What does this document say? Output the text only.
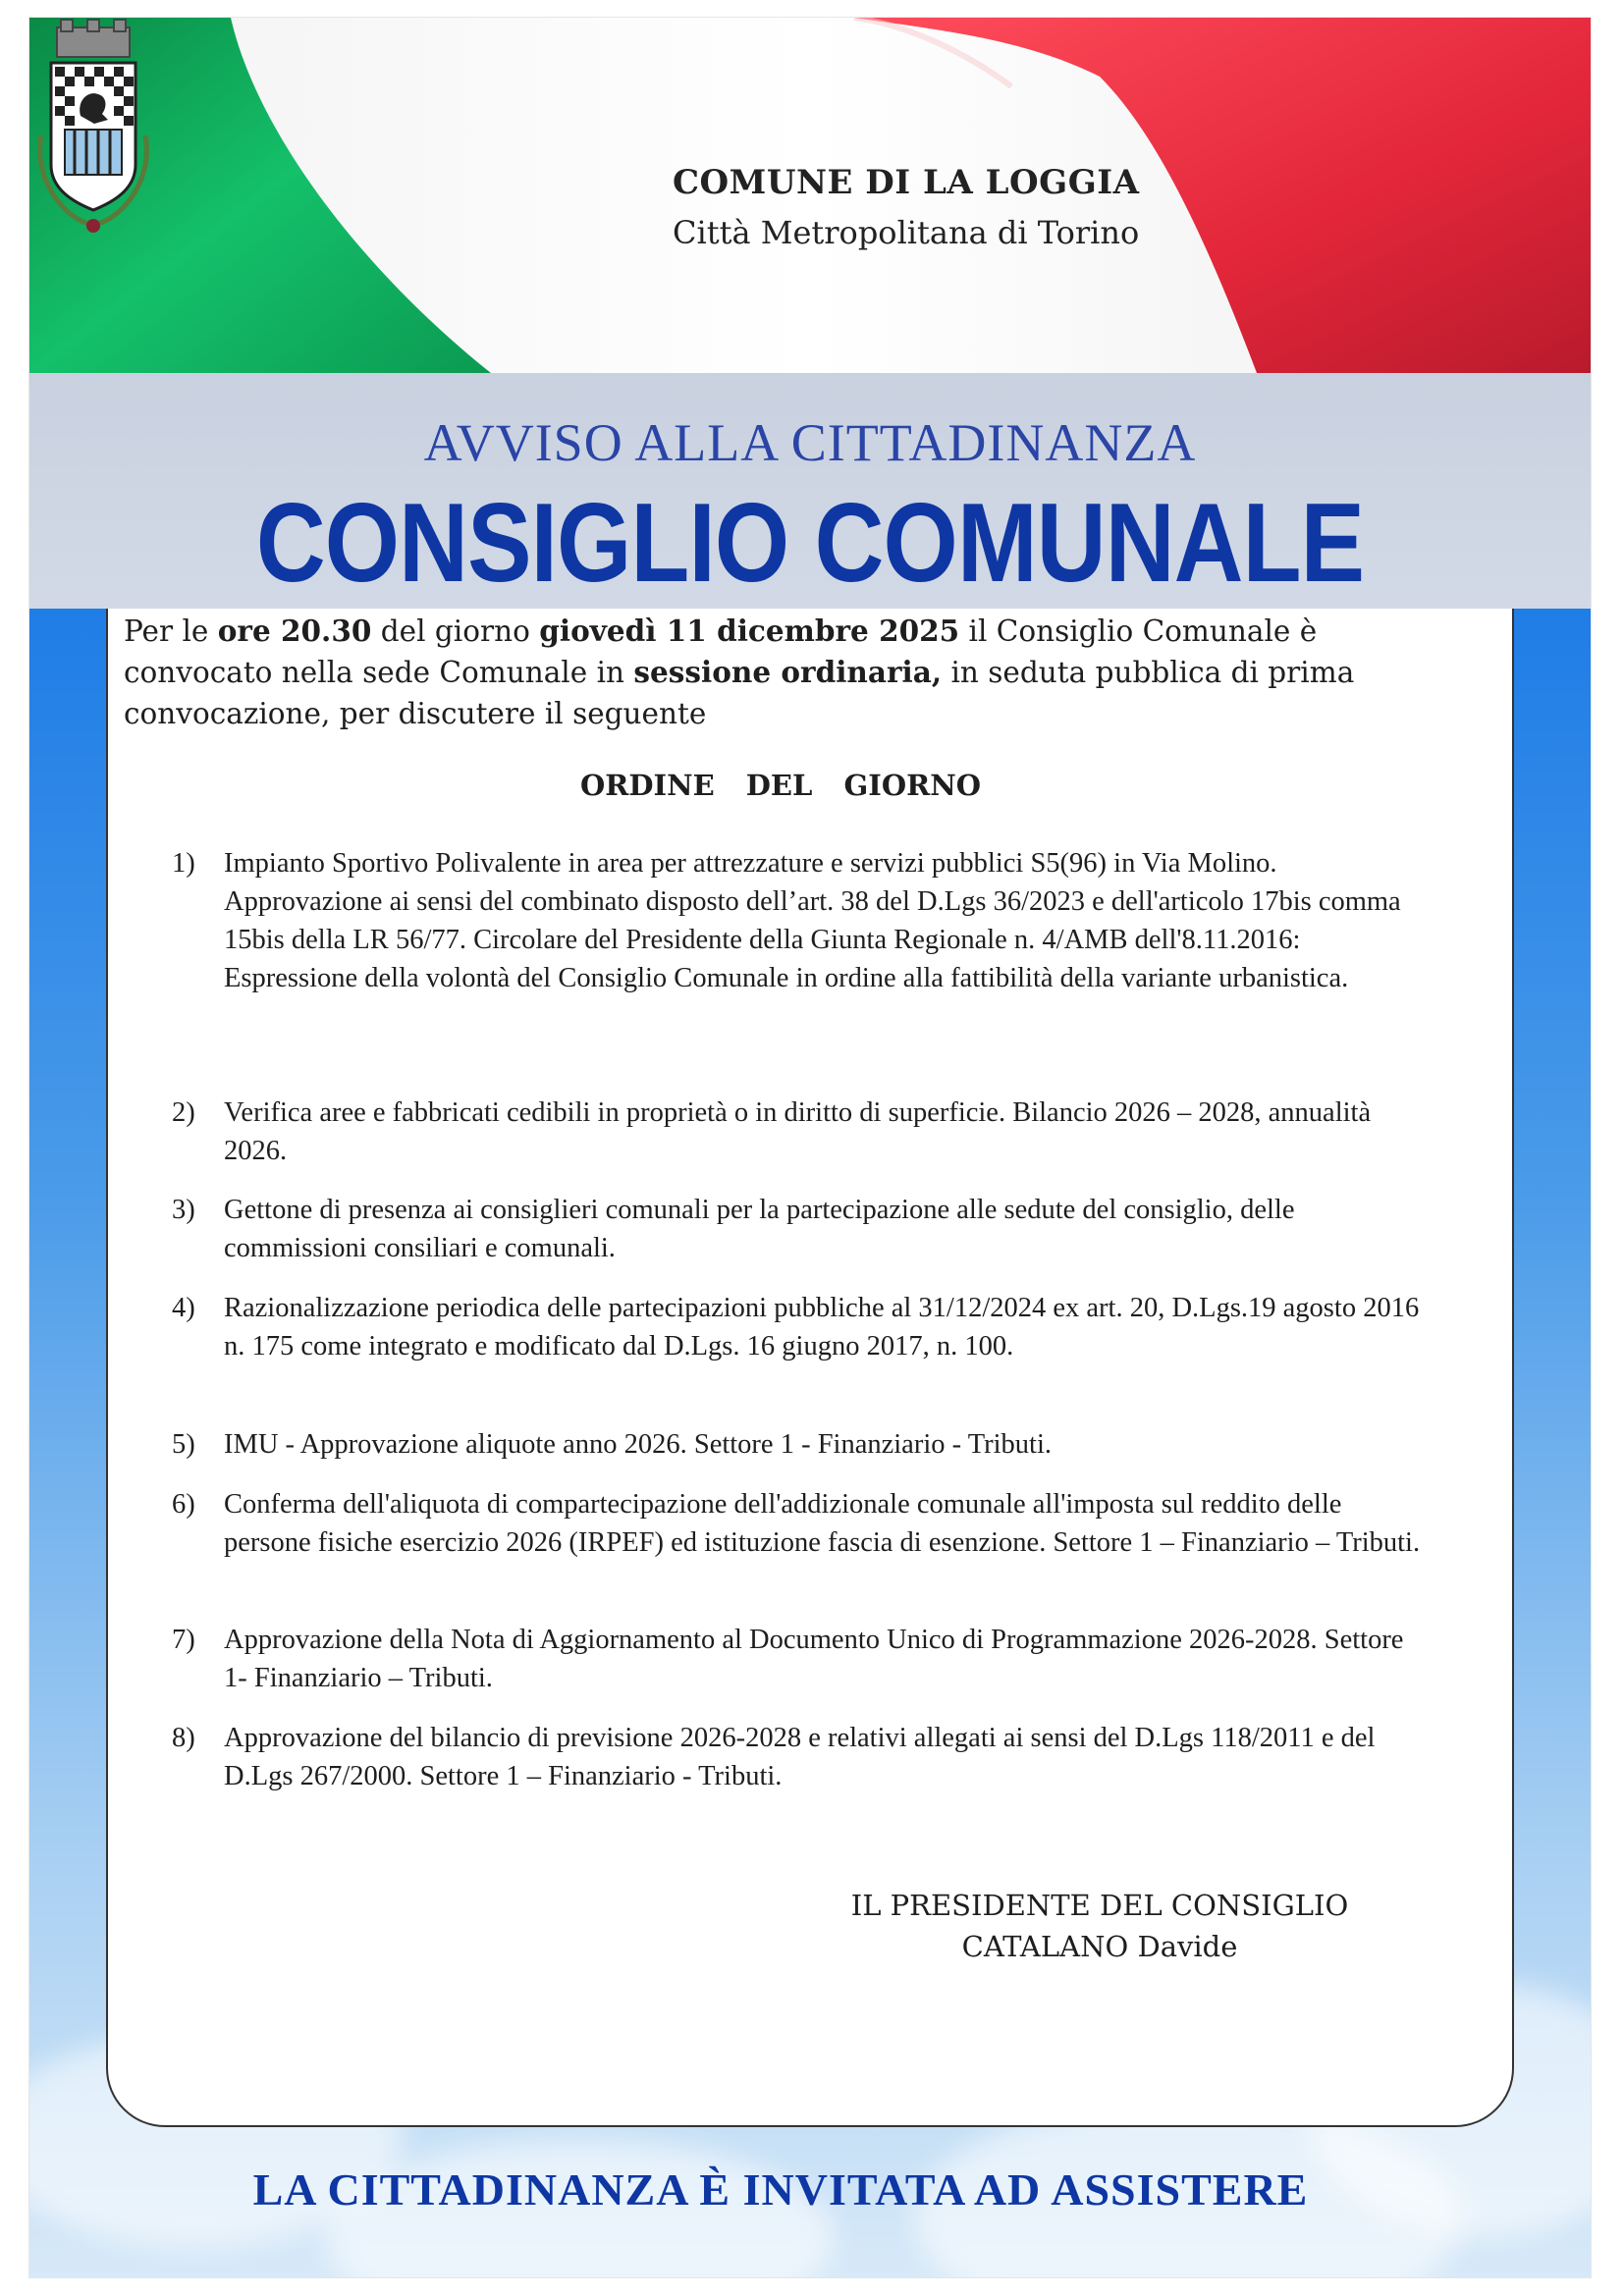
COMUNE DI LA LOGGIA

Città Metropolitana di Torino

AVVISO ALLA CITTADINANZA

CONSIGLIO COMUNALE

Per le ore 20.30 del giorno giovedì 11 dicembre 2025 il Consiglio Comunale è convocato nella sede Comunale in sessione ordinaria, in seduta pubblica di prima convocazione, per discutere il seguente

ORDINE DEL GIORNO

1)	Impianto Sportivo Polivalente in area per attrezzature e servizi pubblici S5(96) in Via Molino. Approvazione ai sensi del combinato disposto dell’art. 38 del D.Lgs 36/2023 e dell'articolo 17bis comma 15bis della LR 56/77. Circolare del Presidente della Giunta Regionale n. 4/AMB dell'8.11.2016: Espressione della volontà del Consiglio Comunale in ordine alla fattibilità della variante urbanistica.
2)	Verifica aree e fabbricati cedibili in proprietà o in diritto di superficie. Bilancio 2026 – 2028, annualità 2026.
3)	Gettone di presenza ai consiglieri comunali per la partecipazione alle sedute del consiglio, delle commissioni consiliari e comunali.
4)	Razionalizzazione periodica delle partecipazioni pubbliche al 31/12/2024 ex art. 20, D.Lgs.19 agosto 2016 n. 175 come integrato e modificato dal D.Lgs. 16 giugno 2017, n. 100.
5)	IMU - Approvazione aliquote anno 2026. Settore 1 - Finanziario - Tributi.
6)	Conferma dell'aliquota di compartecipazione dell'addizionale comunale all'imposta sul reddito delle persone fisiche esercizio 2026 (IRPEF) ed istituzione fascia di esenzione. Settore 1 – Finanziario – Tributi.
7)	Approvazione della Nota di Aggiornamento al Documento Unico di Programmazione 2026-2028. Settore 1- Finanziario – Tributi.
8)	Approvazione del bilancio di previsione 2026-2028 e relativi allegati ai sensi del D.Lgs 118/2011 e del D.Lgs 267/2000. Settore 1 – Finanziario - Tributi.
IL PRESIDENTE DEL CONSIGLIO
CATALANO Davide

LA CITTADINANZA È INVITATA AD ASSISTERE
